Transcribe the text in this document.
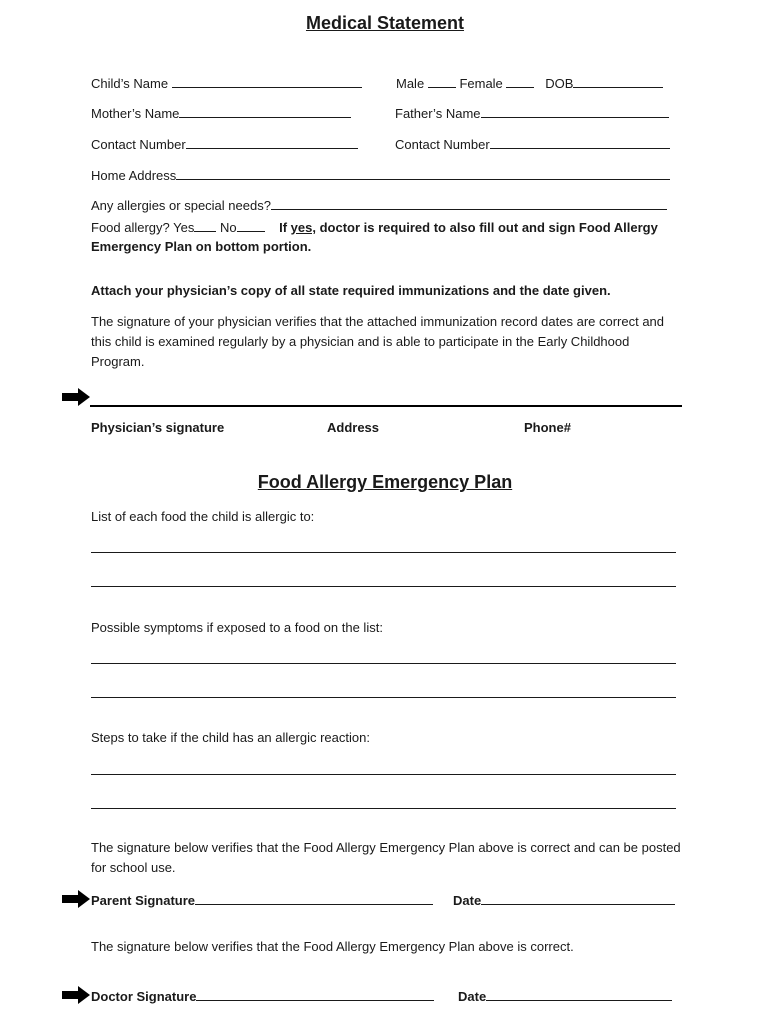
Medical Statement
Child’s Name	Male	Female	DOB
Mother’s Name	Father’s Name
Contact Number	Contact Number
Home Address
Any allergies or special needs?
Food allergy? Yes No	If yes, doctor is required to also fill out and sign Food Allergy
Emergency Plan on bottom portion.
Attach your physician’s copy of all state required immunizations and the date given.
The signature of your physician verifies that the attached immunization record dates are correct and this child is examined regularly by a physician and is able to participate in the Early Childhood Program.
Physician’s signature	Address	Phone#
Food Allergy Emergency Plan
List of each food the child is allergic to:
Possible symptoms if exposed to a food on the list:
Steps to take if the child has an allergic reaction:
The signature below verifies that the Food Allergy Emergency Plan above is correct and can be posted for school use.
Parent Signature	Date
The signature below verifies that the Food Allergy Emergency Plan above is correct.
Doctor Signature	Date
